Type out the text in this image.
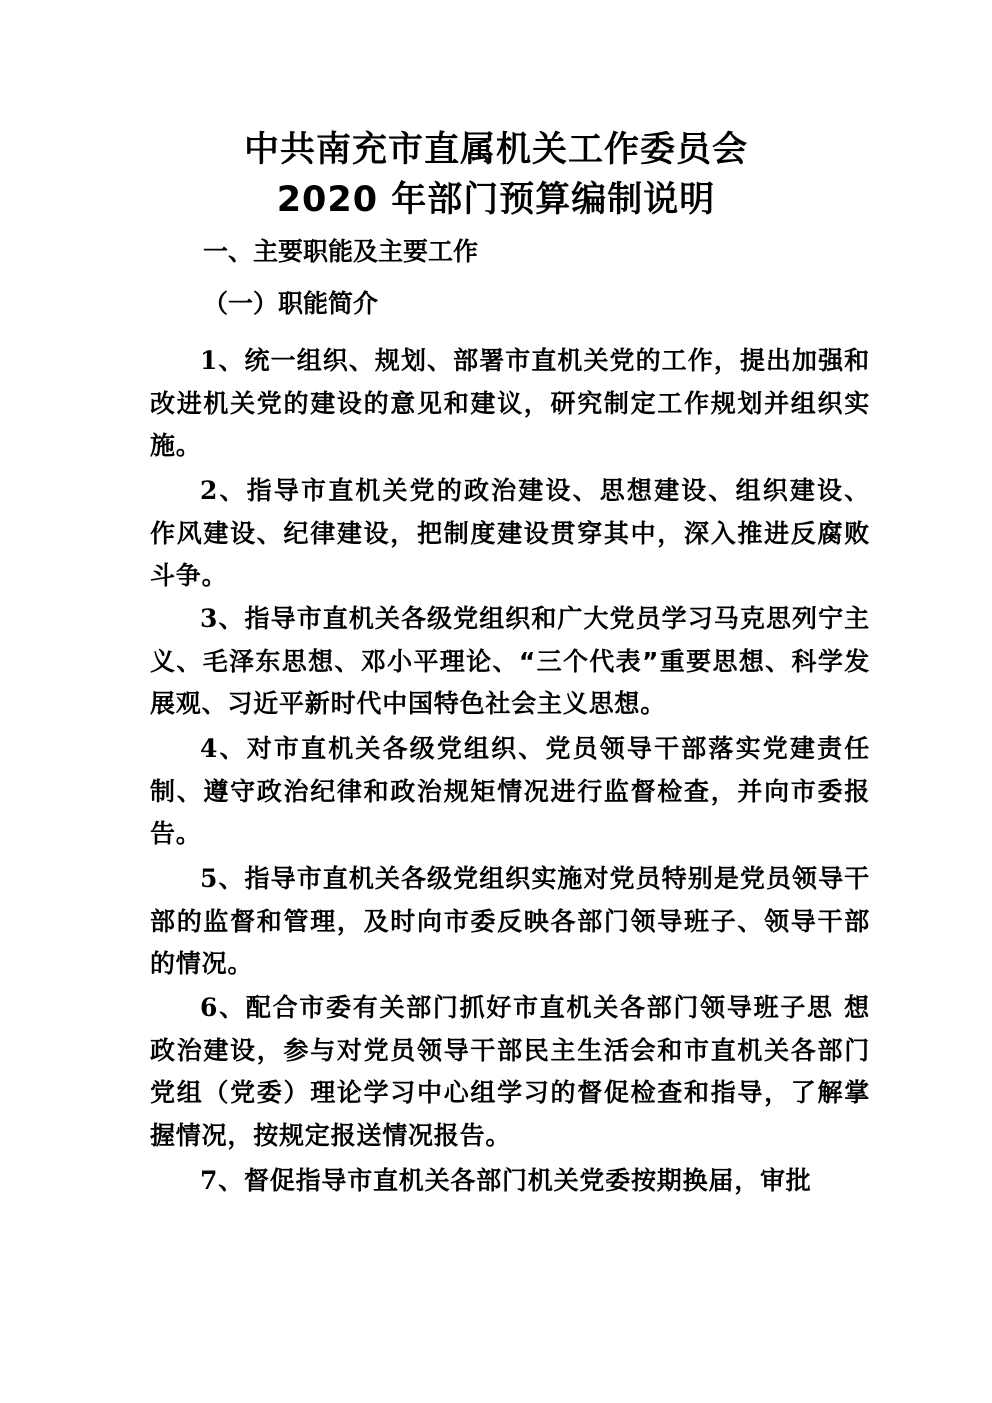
中共南充市直属机关工作委员会
2020 年部门预算编制说明
一、主要职能及主要工作
（一）职能简介

1、统一组织、规划、部署市直机关党的工作，提出加强和改进机关党的建设的意见和建议，研究制定工作规划并组织实施。

2、指导市直机关党的政治建设、思想建设、组织建设、 作风建设、纪律建设，把制度建设贯穿其中，深入推进反腐败斗争。

3、指导市直机关各级党组织和广大党员学习马克思列宁主义、毛泽东思想、邓小平理论、“三个代表”重要思想、科学发展观、习近平新时代中国特色社会主义思想。

4、对市直机关各级党组织、党员领导干部落实党建责任制、遵守政治纪律和政治规矩情况进行监督检查，并向市委报告。

5、指导市直机关各级党组织实施对党员特别是党员领导干部的监督和管理，及时向市委反映各部门领导班子、领导干部的情况。

6、配合市委有关部门抓好市直机关各部门领导班子思 想政治建设，参与对党员领导干部民主生活会和市直机关各部门党组（党委）理论学习中心组学习的督促检查和指导，了解掌握情况，按规定报送情况报告。

7、督促指导市直机关各部门机关党委按期换届，审批
